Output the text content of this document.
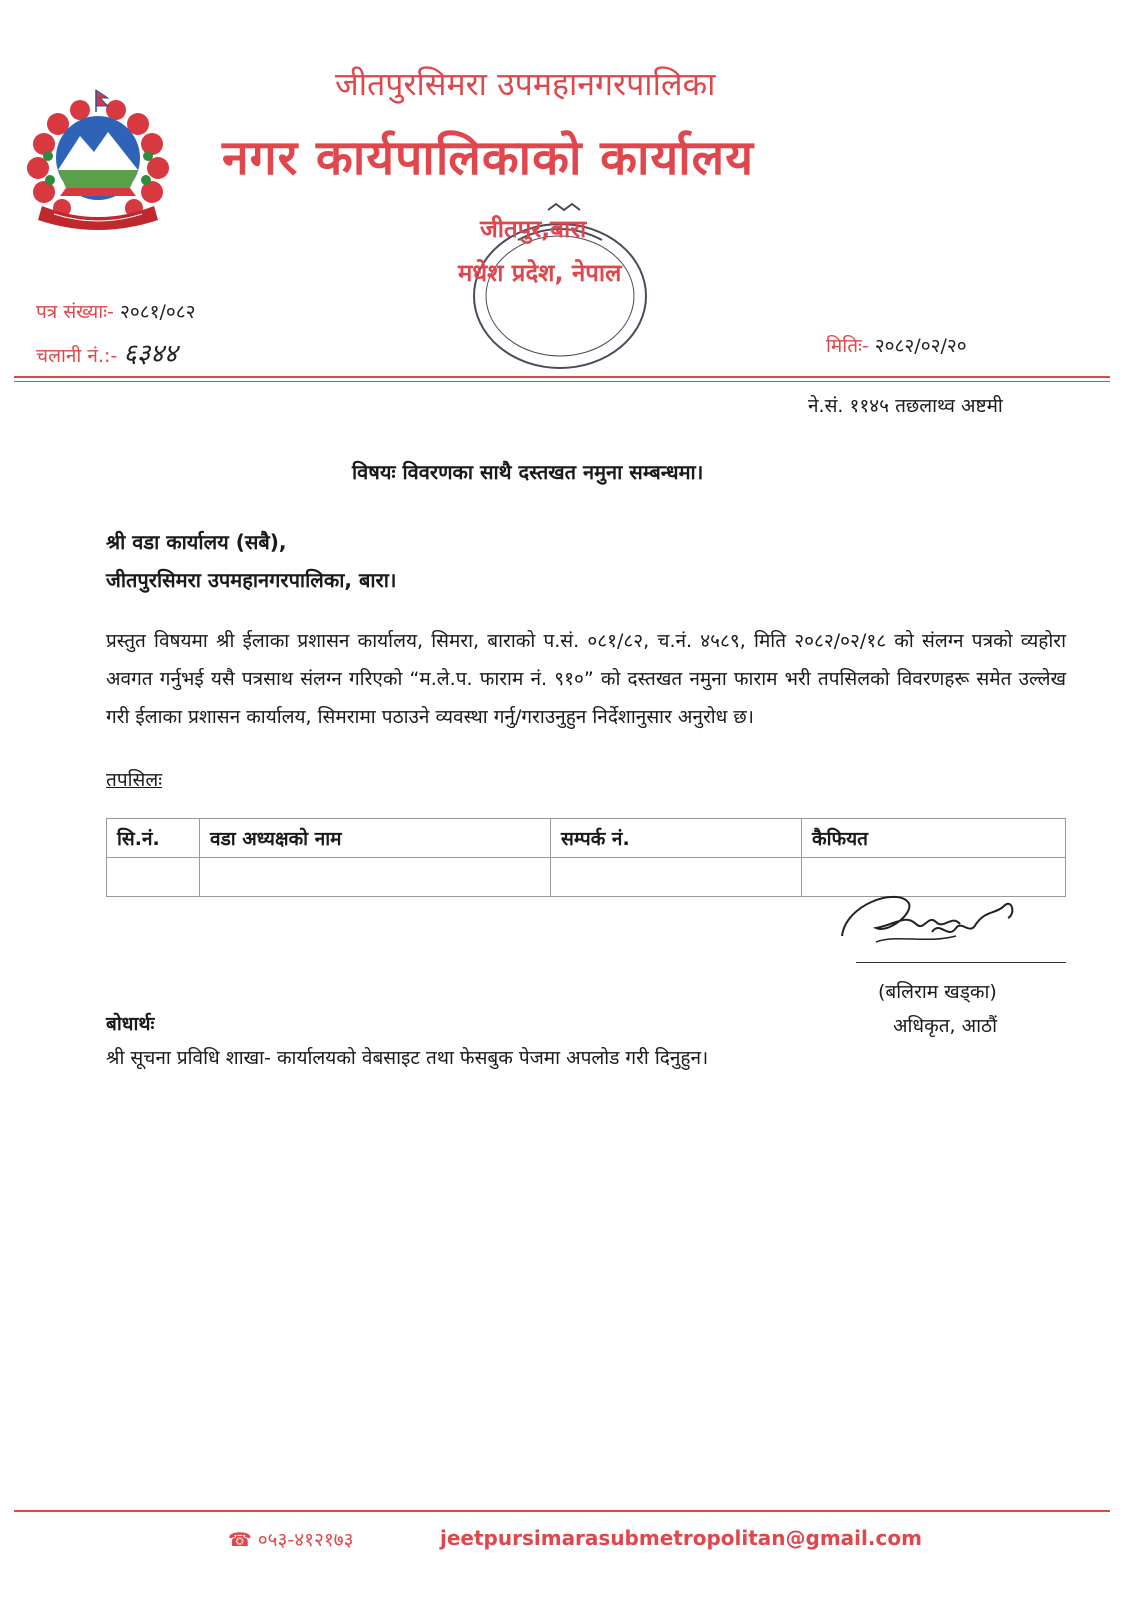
जीतपुरसिमरा उपमहानगरपालिका
नगर कार्यपालिकाको कार्यालय
जीतपुर,बारा
मधेश प्रदेश, नेपाल
पत्र संख्याः- २०८१/०८२
चलानी नं.:- ६३४४	मितिः- २०८२/०२/२०
ने.सं. ११४५ तछलाथ्व अष्टमी
विषयः विवरणका साथै दस्तखत नमुना सम्बन्धमा।
श्री वडा कार्यालय (सबै),
जीतपुरसिमरा उपमहानगरपालिका, बारा।
प्रस्तुत विषयमा श्री ईलाका प्रशासन कार्यालय, सिमरा, बाराको प.सं. ०८१/८२, च.नं. ४५८९, मिति २०८२/०२/१८ को संलग्न पत्रको व्यहोरा अवगत गर्नुभई यसै पत्रसाथ संलग्न गरिएको “म.ले.प. फाराम नं. ९१०” को दस्तखत नमुना फाराम भरी तपसिलको विवरणहरू समेत उल्लेख गरी ईलाका प्रशासन कार्यालय, सिमरामा पठाउने व्यवस्था गर्नु/गराउनुहुन निर्देशानुसार अनुरोध छ।
तपसिलः
सि.नं.	वडा अध्यक्षको नाम	सम्पर्क नं.	कैफियत

(बलिराम खड्का)
अधिकृत, आठौं
बोधार्थः
श्री सूचना प्रविधि शाखा- कार्यालयको वेबसाइट तथा फेसबुक पेजमा अपलोड गरी दिनुहुन।
☎ ०५३-४१२१७३	jeetpursimarasubmetropolitan@gmail.com
